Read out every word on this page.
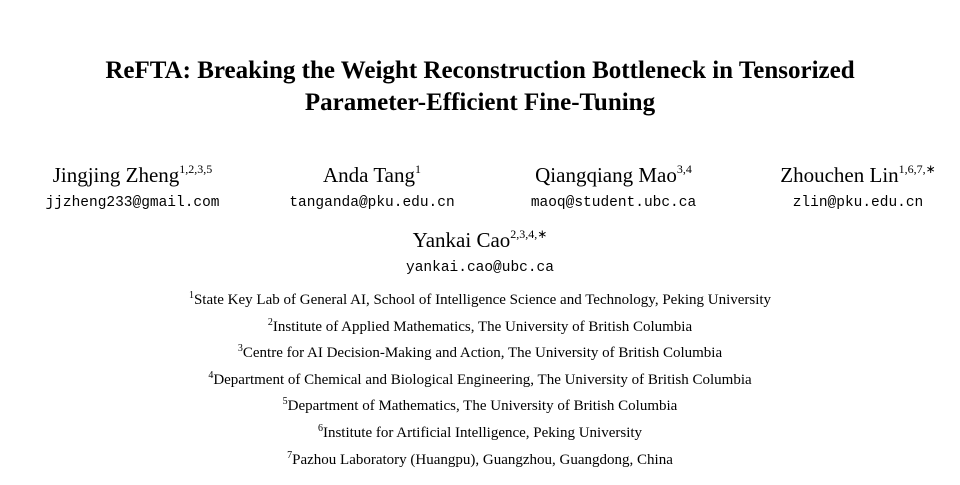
ReFTA: Breaking the Weight Reconstruction Bottleneck in Tensorized
Parameter-Efficient Fine-Tuning
Jingjing Zheng$^{1,2,3,5}$
jjzheng233@gmail.com
Anda Tang$^1$
tanganda@pku.edu.cn
Qiangqiang Mao$^{3,4}$
maoq@student.ubc.ca
Zhouchen Lin$^{1,6,7,∗}$
zlin@pku.edu.cn
Yankai Cao$^{2,3,4,∗}$
yankai.cao@ubc.ca
$^1$State Key Lab of General AI, School of Intelligence Science and Technology, Peking University
$^2$Institute of Applied Mathematics, The University of British Columbia
$^3$Centre for AI Decision-Making and Action, The University of British Columbia
$^4$Department of Chemical and Biological Engineering, The University of British Columbia
$^5$Department of Mathematics, The University of British Columbia
$^6$Institute for Artificial Intelligence, Peking University
$^7$Pazhou Laboratory (Huangpu), Guangzhou, Guangdong, China
